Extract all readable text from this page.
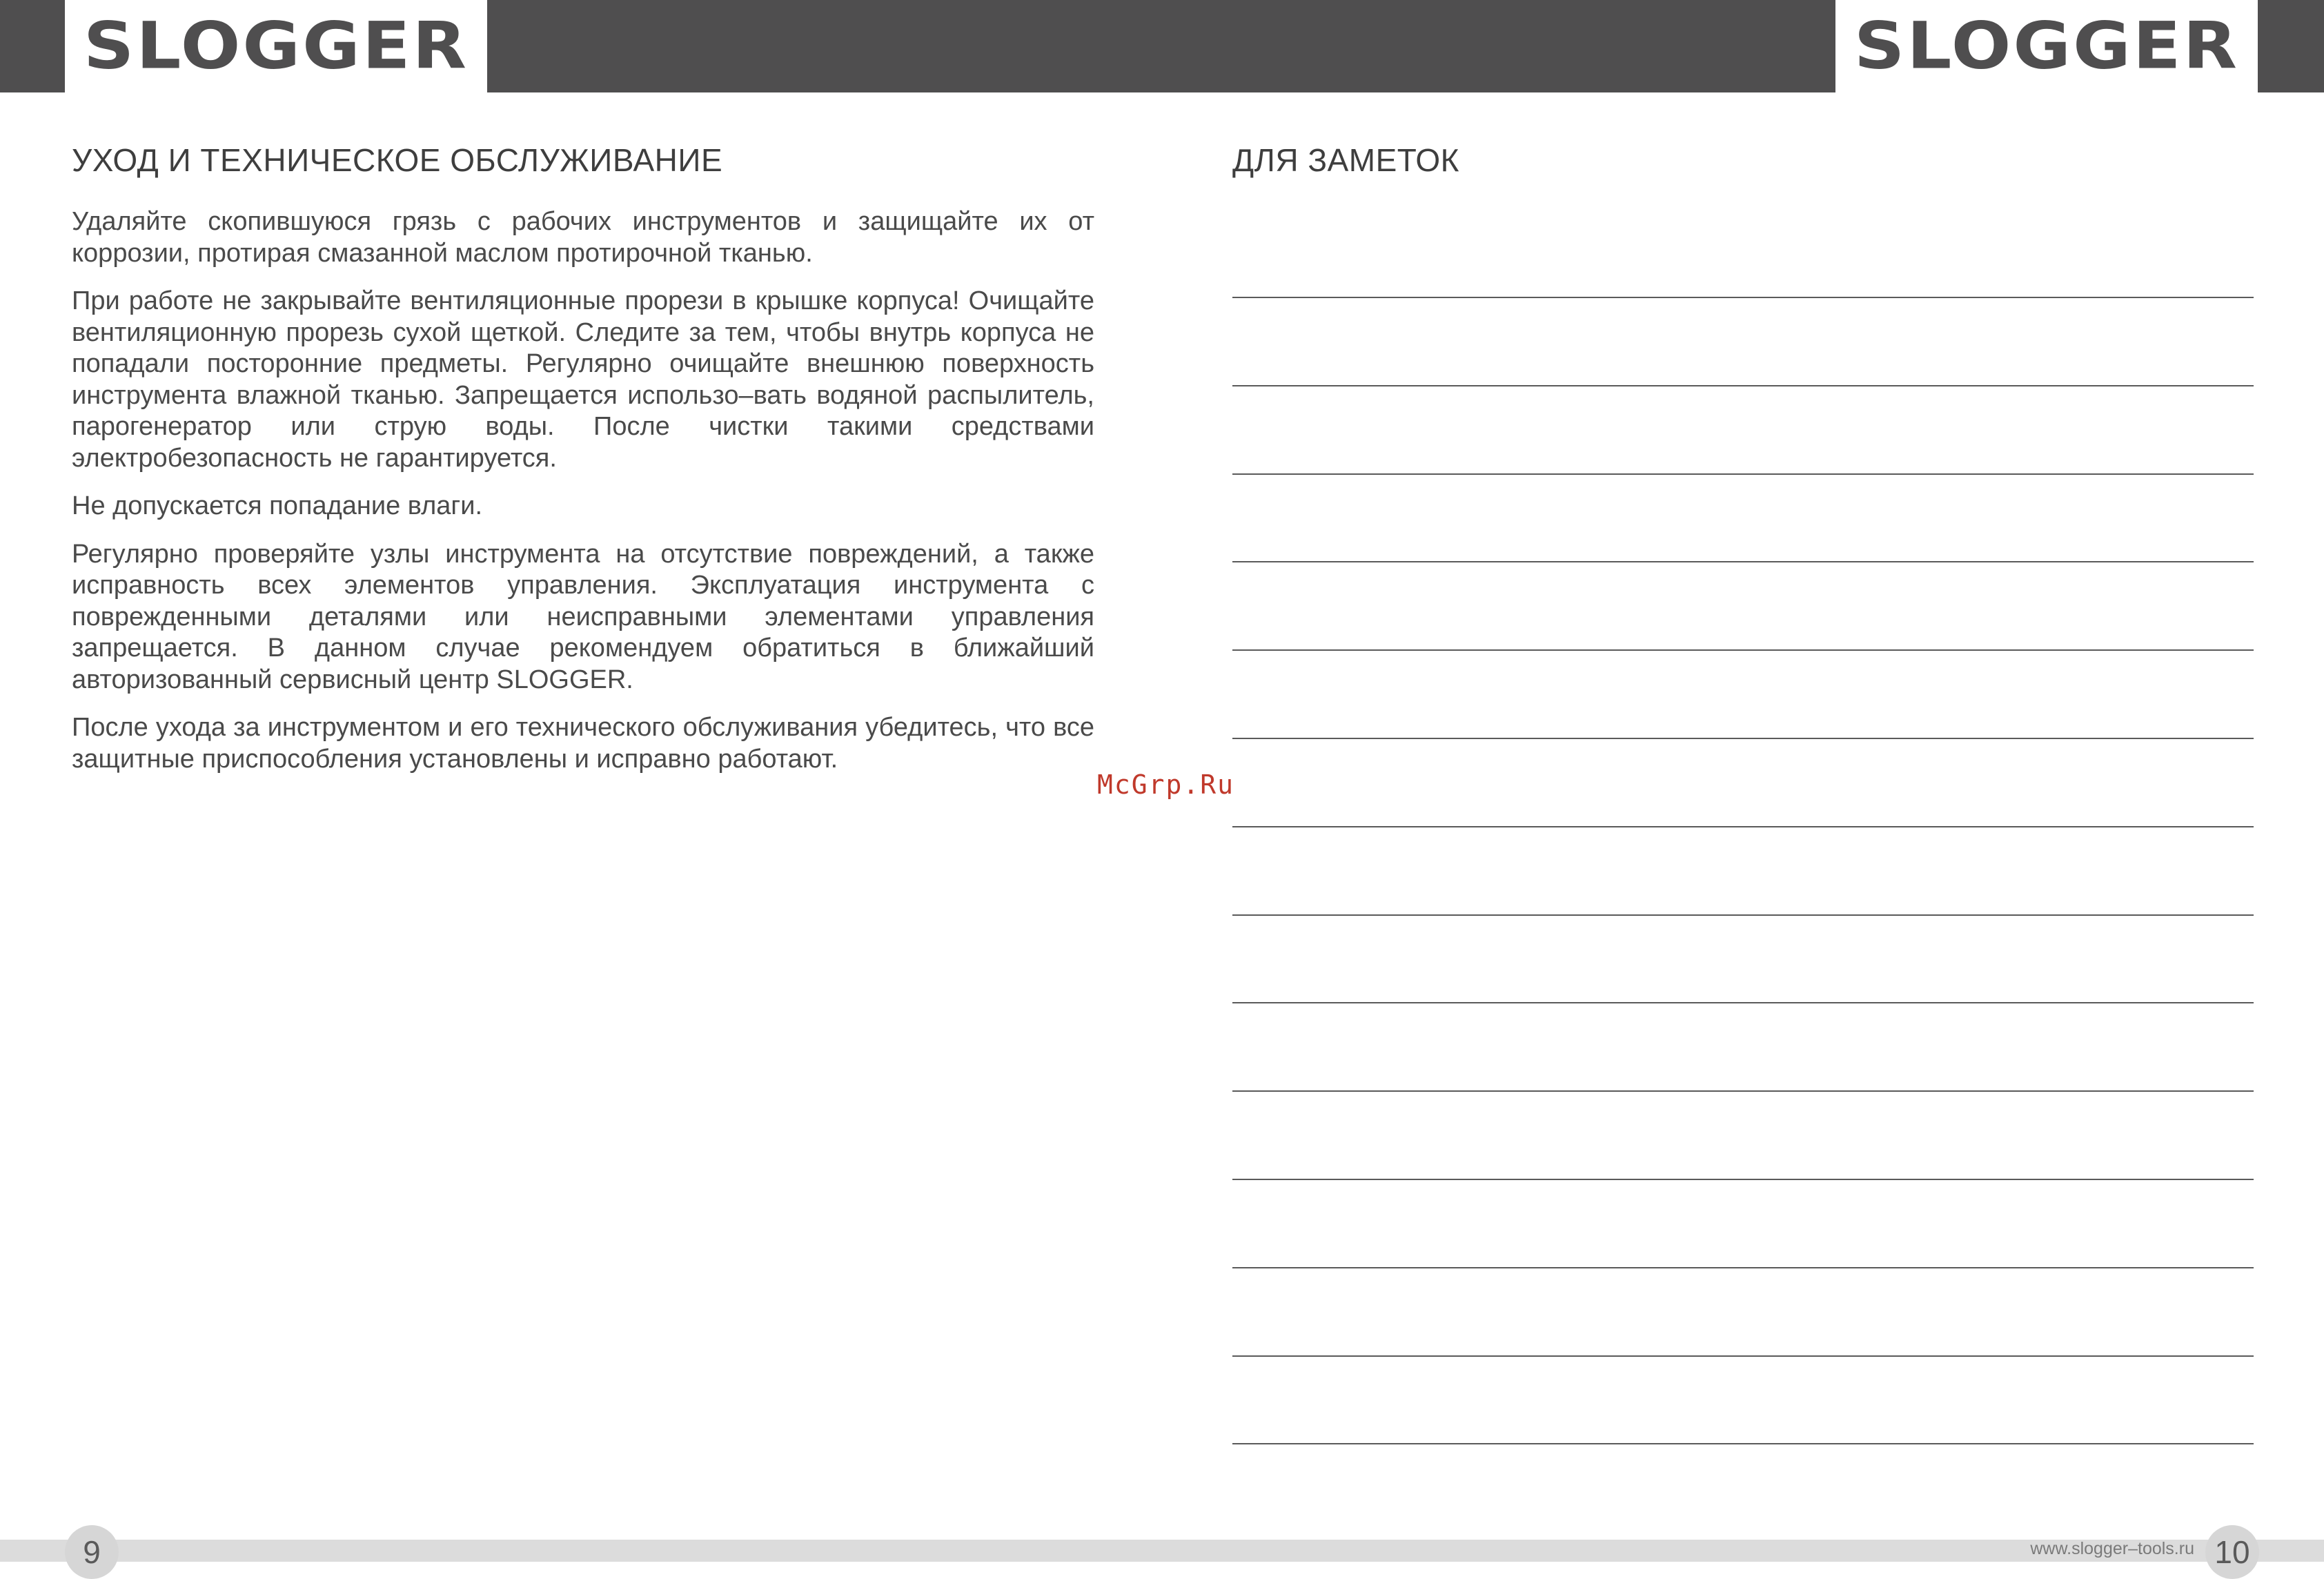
SLOGGER	SLOGGER
УХОД И ТЕХНИЧЕСКОЕ ОБСЛУЖИВАНИЕ

Удаляйте скопившуюся грязь с рабочих инструментов и защищайте их от коррозии, протирая смазанной маслом протирочной тканью.

При работе не закрывайте вентиляционные прорези в крышке корпуса! Очищайте вентиляционную прорезь сухой щеткой. Следите за тем, чтобы внутрь корпуса не попадали посторонние предметы. Регулярно очищайте внешнюю поверхность инструмента влажной тканью. Запрещается использо–вать водяной распылитель, парогенератор или струю воды. После чистки такими средствами электробезопасность не гарантируется.

Не допускается попадание влаги.

Регулярно проверяйте узлы инструмента на отсутствие повреждений, а также исправность всех элементов управления. Эксплуатация инструмента с поврежденными деталями или неисправными элементами управления запрещается. В данном случае рекомендуем обратиться в ближайший авторизованный сервисный центр SLOGGER.

После ухода за инструментом и его технического обслуживания убедитесь, что все защитные приспособления установлены и исправно работают.

ДЛЯ ЗАМЕТОК
McGrp.Ru
9	www.slogger–tools.ru 10
